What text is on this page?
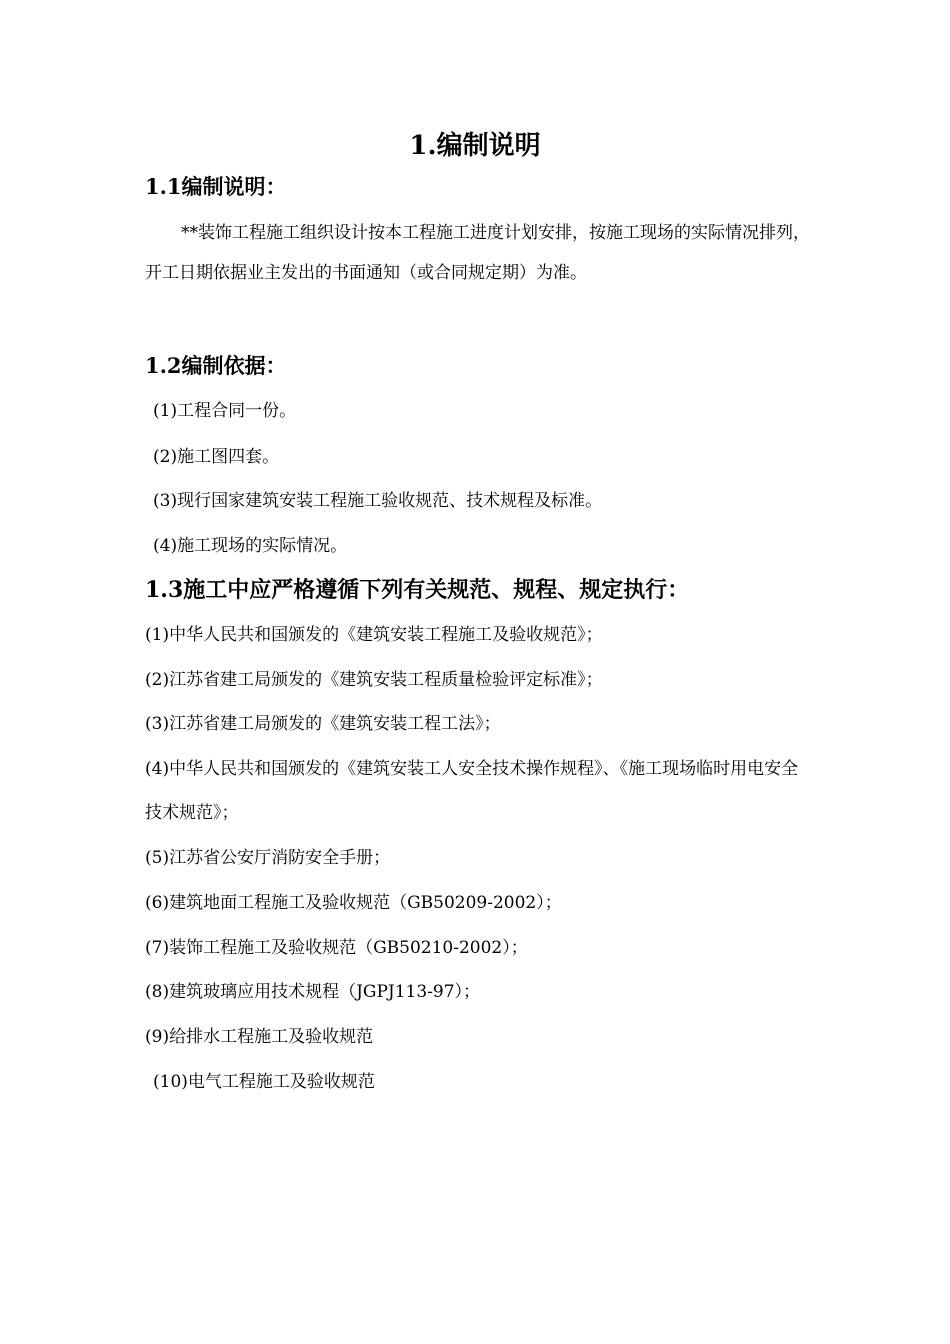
1.编制说明
1.1编制说明：
**装饰工程施工组织设计按本工程施工进度计划安排，按施工现场的实际情况排列，开工日期依据业主发出的书面通知（或合同规定期）为准。
1.2编制依据：
(1)工程合同一份。
(2)施工图四套。
(3)现行国家建筑安装工程施工验收规范、技术规程及标准。
(4)施工现场的实际情况。
1.3施工中应严格遵循下列有关规范、规程、规定执行：
(1)中华人民共和国颁发的《建筑安装工程施工及验收规范》；
(2)江苏省建工局颁发的《建筑安装工程质量检验评定标准》；
(3)江苏省建工局颁发的《建筑安装工程工法》；
(4)中华人民共和国颁发的《建筑安装工人安全技术操作规程》、《施工现场临时用电安全技术规范》；
(5)江苏省公安厅消防安全手册；
(6)建筑地面工程施工及验收规范（GB50209-2002）；
(7)装饰工程施工及验收规范（GB50210-2002）；
(8)建筑玻璃应用技术规程（JGPJ113-97）；
(9)给排水工程施工及验收规范
(10)电气工程施工及验收规范
